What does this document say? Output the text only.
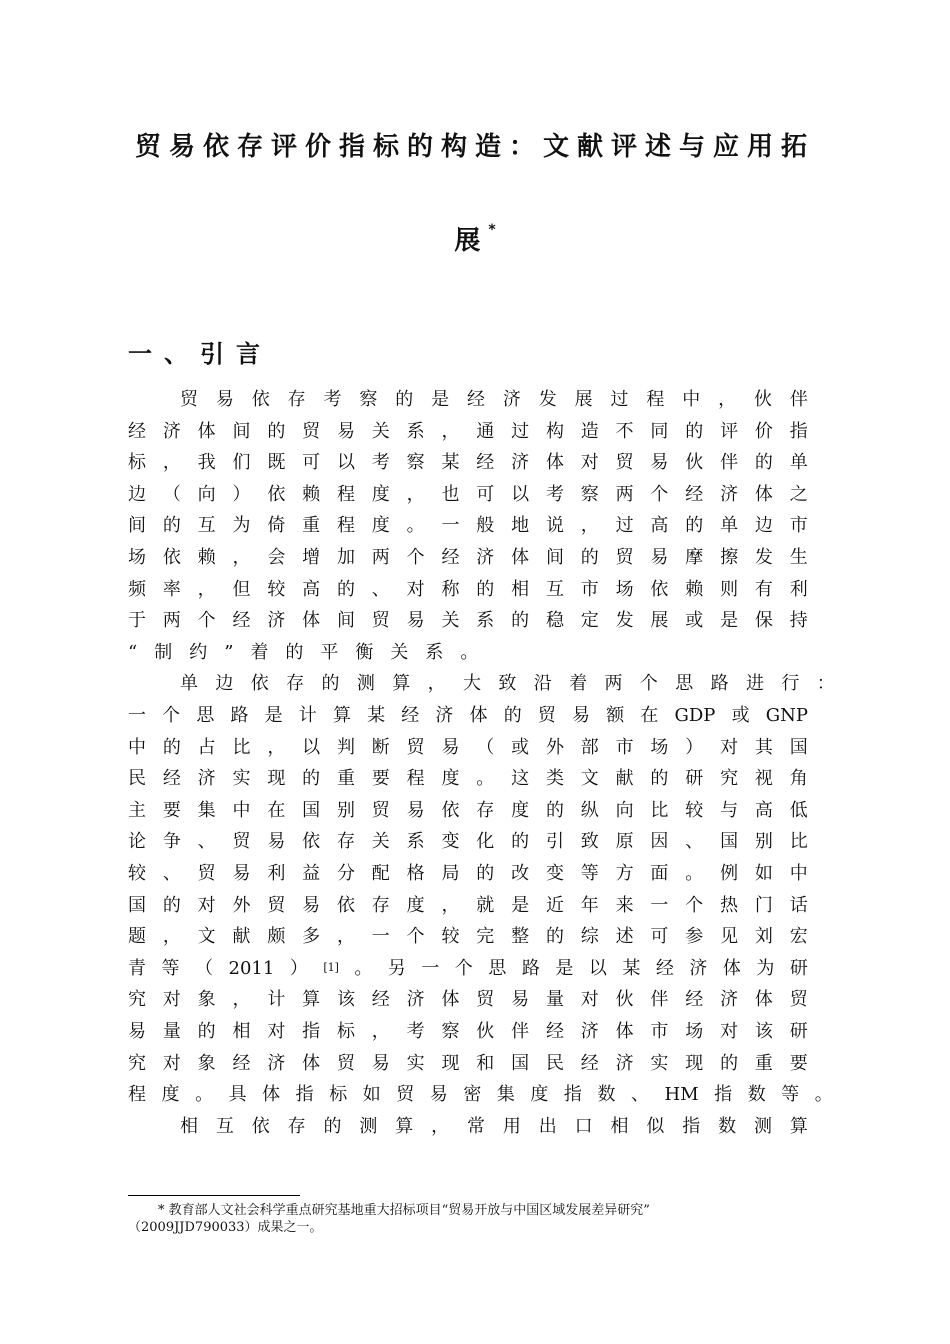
贸易依存评价指标的构造：文献评述与应用拓
展*
一、引言
贸 易 依 存 考 察 的 是 经 济 发 展 过 程 中 ， 伙 伴
经 济 体 间 的 贸 易 关 系 ， 通 过 构 造 不 同 的 评 价 指
标 ， 我 们 既 可 以 考 察 某 经 济 体 对 贸 易 伙 伴 的 单
边 （ 向 ） 依 赖 程 度 ， 也 可 以 考 察 两 个 经 济 体 之
间 的 互 为 倚 重 程 度 。 一 般 地 说 ， 过 高 的 单 边 市
场 依 赖 ， 会 增 加 两 个 经 济 体 间 的 贸 易 摩 擦 发 生
频 率 ， 但 较 高 的 、 对 称 的 相 互 市 场 依 赖 则 有 利
于 两 个 经 济 体 间 贸 易 关 系 的 稳 定 发 展 或 是 保 持
“ 制 约 ” 着 的 平 衡 关 系 。
单 边 依 存 的 测 算 ， 大 致 沿 着 两 个 思 路 进 行 ：
一 个 思 路 是 计 算 某 经 济 体 的 贸 易 额 在 GDP 或 GNP
中 的 占 比 ， 以 判 断 贸 易 （ 或 外 部 市 场 ） 对 其 国
民 经 济 实 现 的 重 要 程 度 。 这 类 文 献 的 研 究 视 角
主 要 集 中 在 国 别 贸 易 依 存 度 的 纵 向 比 较 与 高 低
论 争 、 贸 易 依 存 关 系 变 化 的 引 致 原 因 、 国 别 比
较 、 贸 易 利 益 分 配 格 局 的 改 变 等 方 面 。 例 如 中
国 的 对 外 贸 易 依 存 度 ， 就 是 近 年 来 一 个 热 门 话
题 ， 文 献 颇 多 ， 一 个 较 完 整 的 综 述 可 参 见 刘 宏
青 等 （ 2011 ） [1] 。 另 一 个 思 路 是 以 某 经 济 体 为 研
究 对 象 ， 计 算 该 经 济 体 贸 易 量 对 伙 伴 经 济 体 贸
易 量 的 相 对 指 标 ， 考 察 伙 伴 经 济 体 市 场 对 该 研
究 对 象 经 济 体 贸 易 实 现 和 国 民 经 济 实 现 的 重 要
程 度 。 具 体 指 标 如 贸 易 密 集 度 指 数 、 HM 指 数 等 。
相 互 依 存 的 测 算 ， 常 用 出 口 相 似 指 数 测 算
* 教育部人文社会科学重点研究基地重大招标项目“贸易开放与中国区域发展差异研究”
（2009JJD790033）成果之一。
